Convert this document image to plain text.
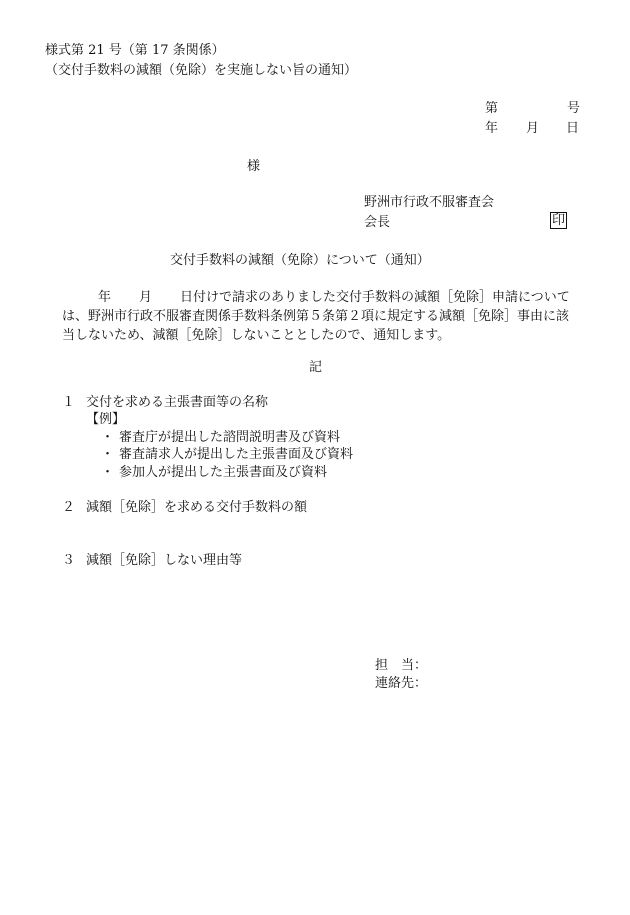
様式第 21 号（第 17 条関係）
（交付手数料の減額（免除）を実施しない旨の通知）
第	号
年 月 日
様
野洲市行政不服審査会
会長	印
交付手数料の減額（免除）について（通知）
年 月 日付けで請求のありました交付手数料の減額［免除］申請については、野洲市行政不服審査関係手数料条例第５条第２項に規定する減額［免除］事由に該当しないため、減額［免除］しないこととしたので、通知します。
記
１ 交付を求める主張書面等の名称
【例】
・ 審査庁が提出した諮問説明書及び資料
・ 審査請求人が提出した主張書面及び資料
・ 参加人が提出した主張書面及び資料
２ 減額［免除］を求める交付手数料の額
３ 減額［免除］しない理由等
担　当：
連絡先：
